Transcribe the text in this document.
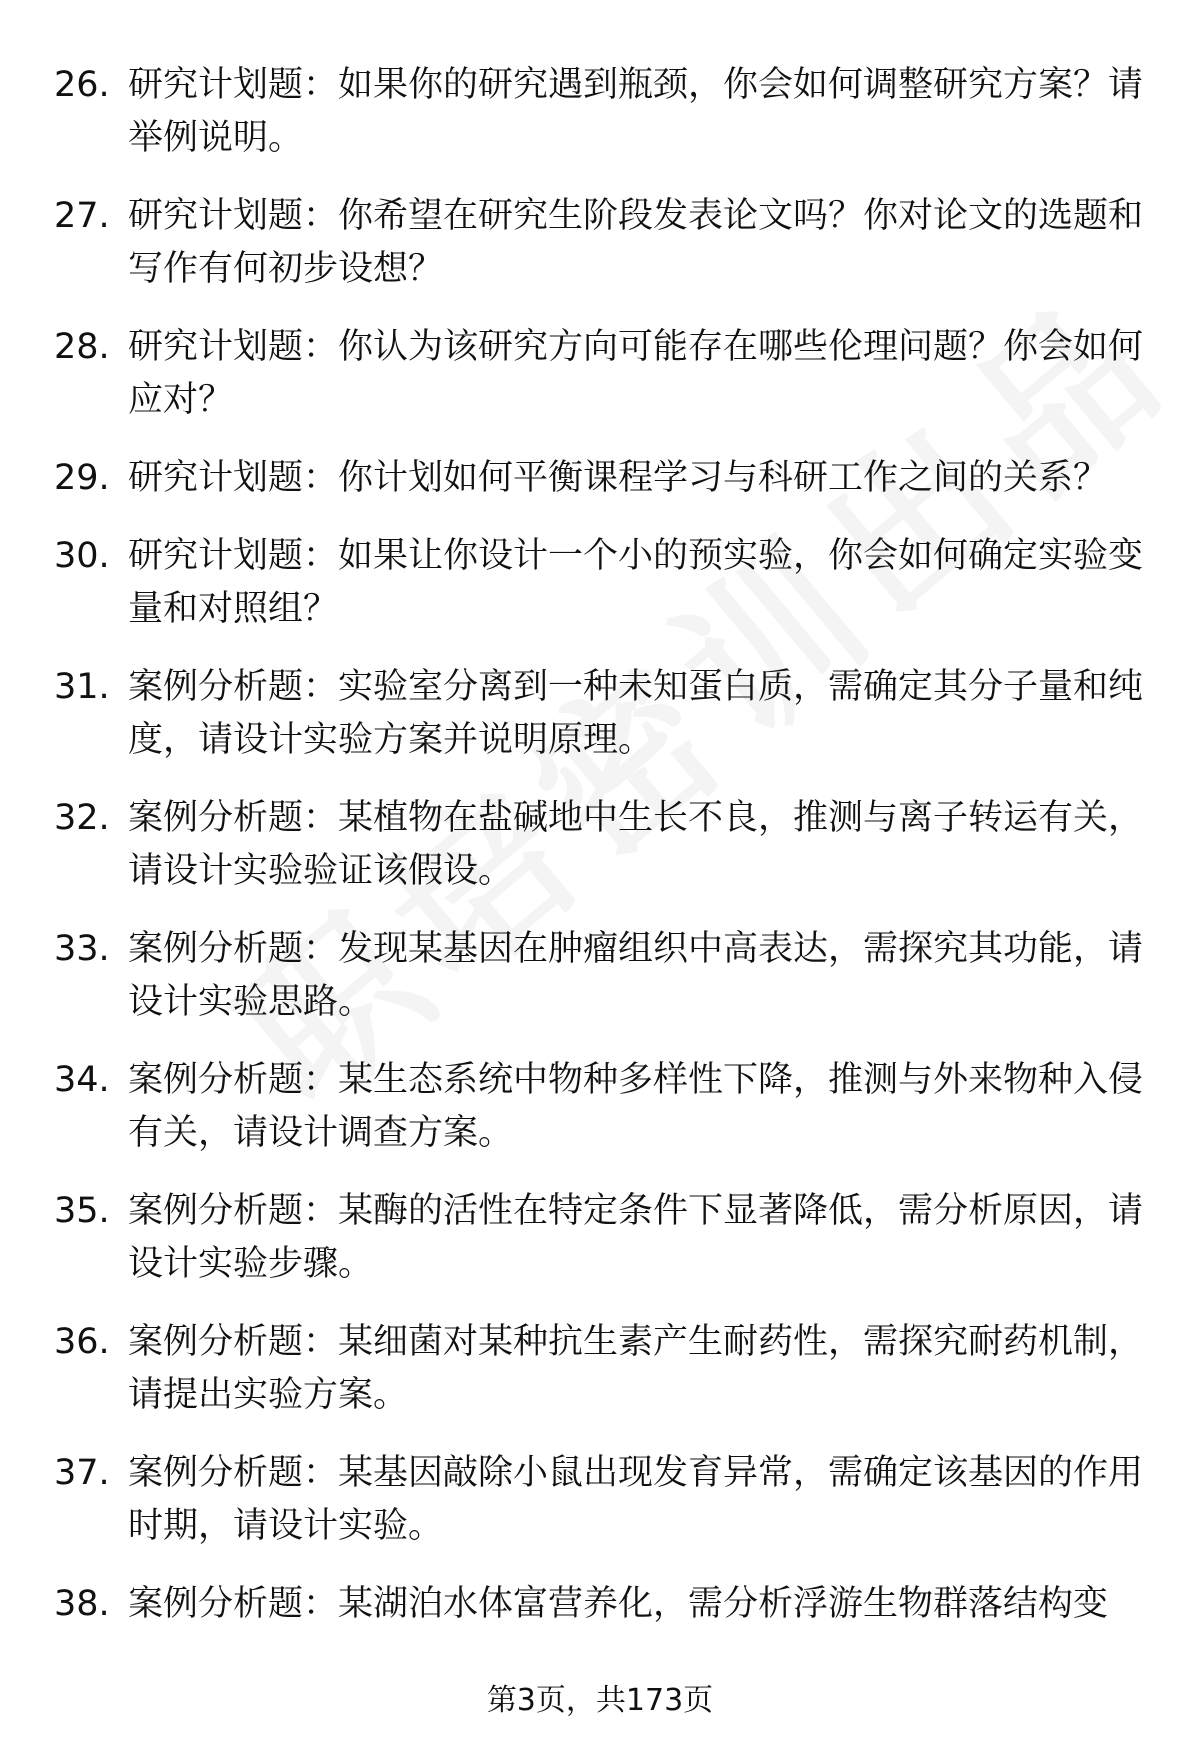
26. 研究计划题：如果你的研究遇到瓶颈，你会如何调整研究方案？请举例说明。
27. 研究计划题：你希望在研究生阶段发表论文吗？你对论文的选题和写作有何初步设想？
28. 研究计划题：你认为该研究方向可能存在哪些伦理问题？你会如何应对？
29. 研究计划题：你计划如何平衡课程学习与科研工作之间的关系？
30. 研究计划题：如果让你设计一个小的预实验，你会如何确定实验变量和对照组？
31. 案例分析题：实验室分离到一种未知蛋白质，需确定其分子量和纯度，请设计实验方案并说明原理。
32. 案例分析题：某植物在盐碱地中生长不良，推测与离子转运有关，请设计实验验证该假设。
33. 案例分析题：发现某基因在肿瘤组织中高表达，需探究其功能，请设计实验思路。
34. 案例分析题：某生态系统中物种多样性下降，推测与外来物种入侵有关，请设计调查方案。
35. 案例分析题：某酶的活性在特定条件下显著降低，需分析原因，请设计实验步骤。
36. 案例分析题：某细菌对某种抗生素产生耐药性，需探究耐药机制，请提出实验方案。
37. 案例分析题：某基因敲除小鼠出现发育异常，需确定该基因的作用时期，请设计实验。
38. 案例分析题：某湖泊水体富营养化，需分析浮游生物群落结构变
第3页，共173页
